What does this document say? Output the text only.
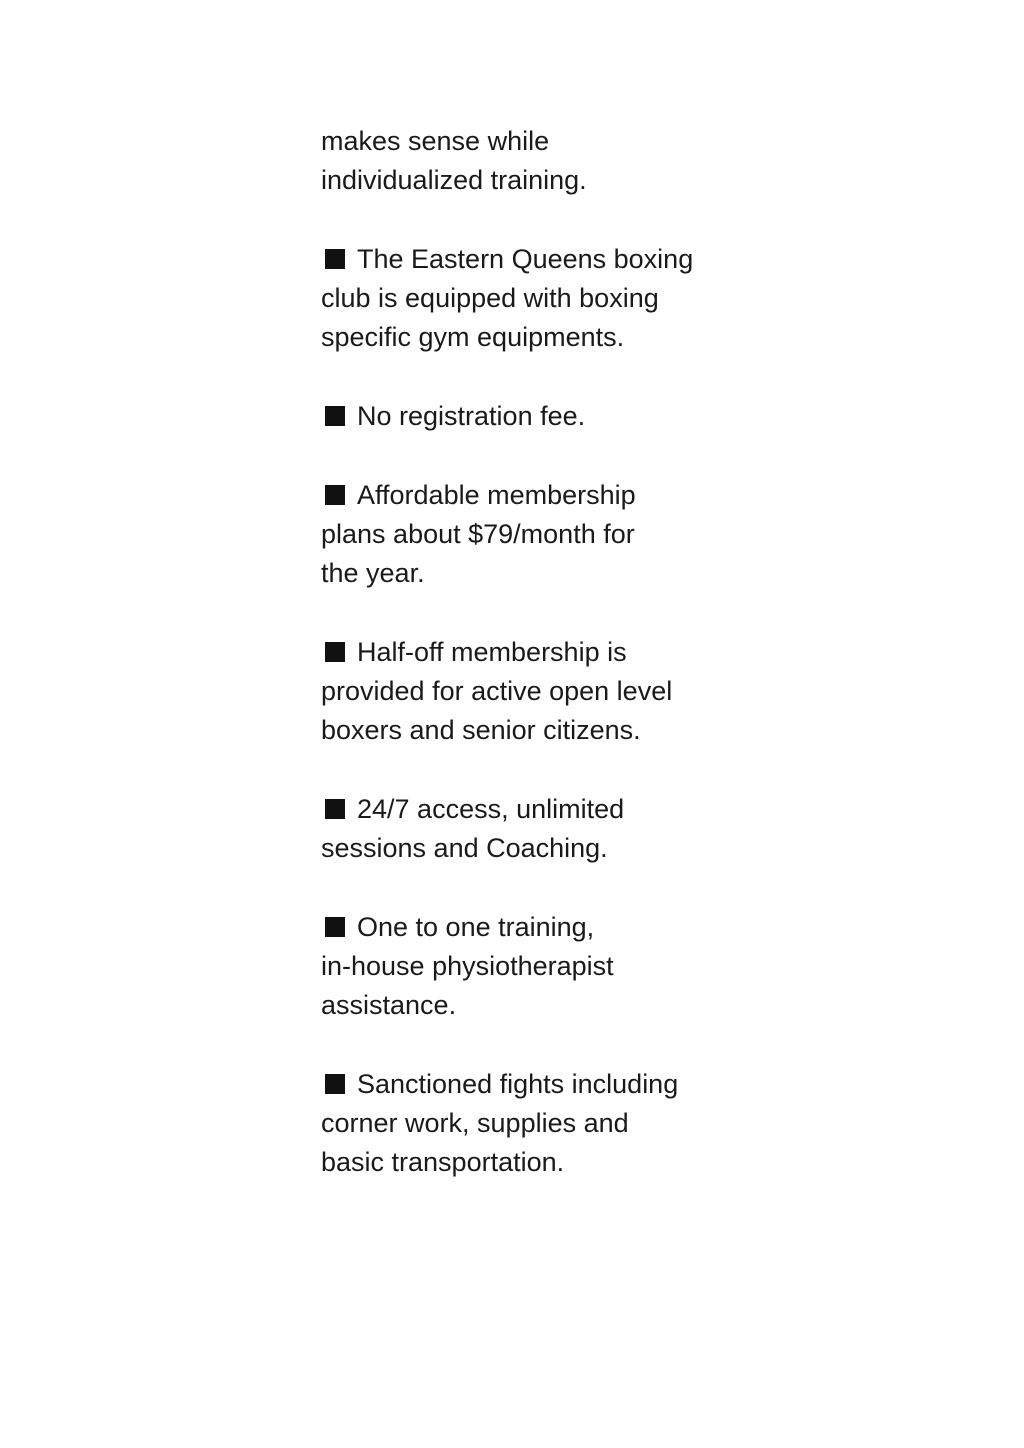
makes sense while
individualized training.

The Eastern Queens boxing
club is equipped with boxing
specific gym equipments.

No registration fee.

Affordable membership
plans about $79/month for
the year.

Half-off membership is
provided for active open level
boxers and senior citizens.

24/7 access, unlimited
sessions and Coaching.

One to one training,
in-house physiotherapist
assistance.

Sanctioned fights including
corner work, supplies and
basic transportation.
